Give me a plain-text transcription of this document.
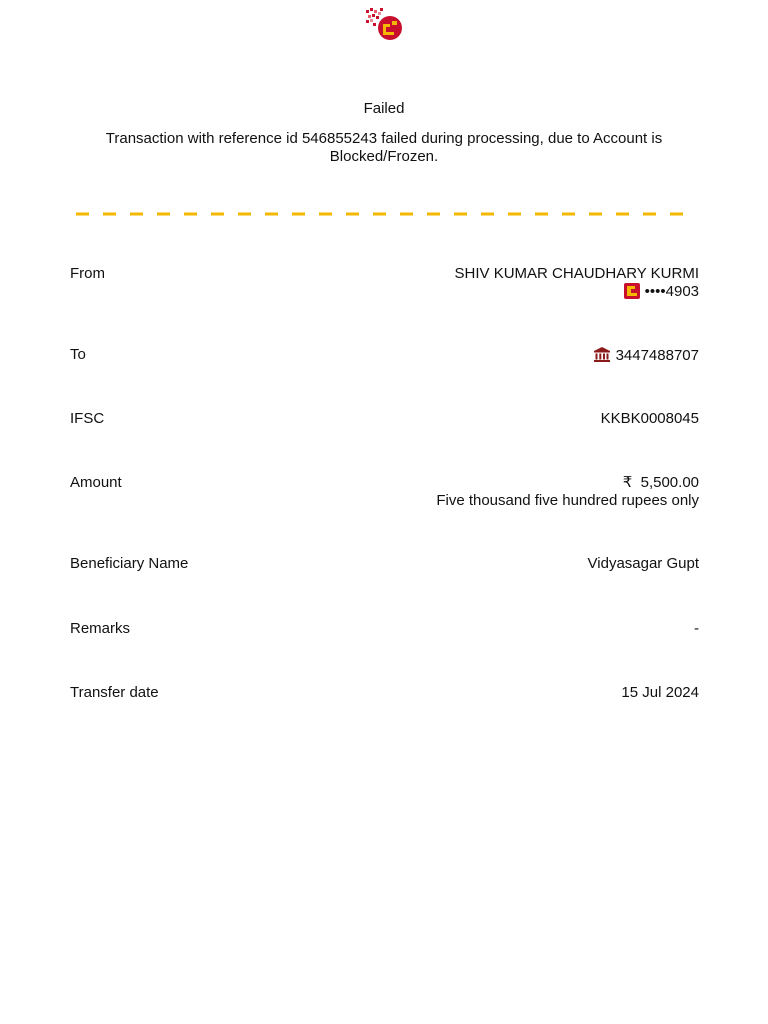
Failed
Transaction with reference id 546855243 failed during processing, due to Account is Blocked/Frozen.
From	SHIV KUMAR CHAUDHARY KURMI
••••4903
To	3447488707
IFSC	KKBK0008045
Amount	₹ 5,500.00
Five thousand five hundred rupees only
Beneficiary Name	Vidyasagar Gupt
Remarks	-
Transfer date	15 Jul 2024
